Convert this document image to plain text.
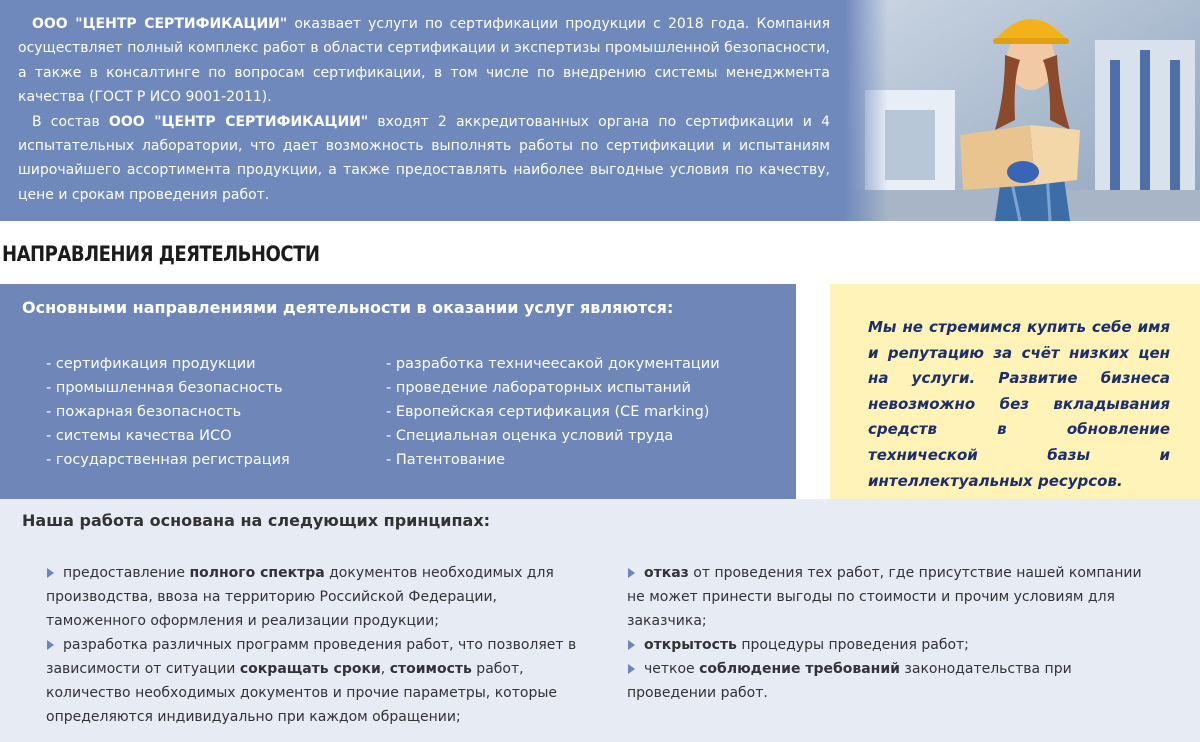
 ООО "ЦЕНТР СЕРТИФИКАЦИИ" оказвает услуги по сертификации продукции с 2018 года. Компания осуществляет полный комплекс работ в области сертификации и экспертизы промышленной безопасности, а также в консалтинге по вопросам сертификации, в том числе по внедрению системы менеджмента качества (ГОСТ Р ИСО 9001-2011).

 В состав ООО "ЦЕНТР СЕРТИФИКАЦИИ" входят 2 аккредитованных органа по сертификации и 4 испытательных лаборатории, что дает возможность выполнять работы по сертификации и испытаниям широчайшего ассортимента продукции, а также предоставлять наиболее выгодные условия по качеству, цене и срокам проведения работ.

НАПРАВЛЕНИЯ ДЕЯТЕЛЬНОСТИ
Основными направлениями деятельности в оказании услуг являются:
- сертификация продукции
- промышленная безопасность
- пожарная безопасность
- системы качества ИСО
- государственная регистрация
- разработка техничеесакой документации
- проведение лабораторных испытаний
- Европейская сертификация (CE marking)
- Специальная оценка условий труда
- Патентование
Мы не стремимся купить себе имя и репутацию за счёт низких цен на услуги. Развитие бизнеса невозможно без вкладывания средств в обновление технической базы и интеллектуальных ресурсов.
Наша работа основана на следующих принципах:

предоставление полного спектра документов необходимых для производства, ввоза на территорию Российской Федерации, таможенного оформления и реализации продукции;

разработка различных программ проведения работ, что позволяет в зависимости от ситуации сокращать сроки, стоимость работ, количество необходимых документов и прочие параметры, которые определяются индивидуально при каждом обращении;

отказ от проведения тех работ, где присутствие нашей компании не может принести выгоды по стоимости и прочим условиям для заказчика;

открытость процедуры проведения работ;

четкое соблюдение требований законодательства при проведении работ.
